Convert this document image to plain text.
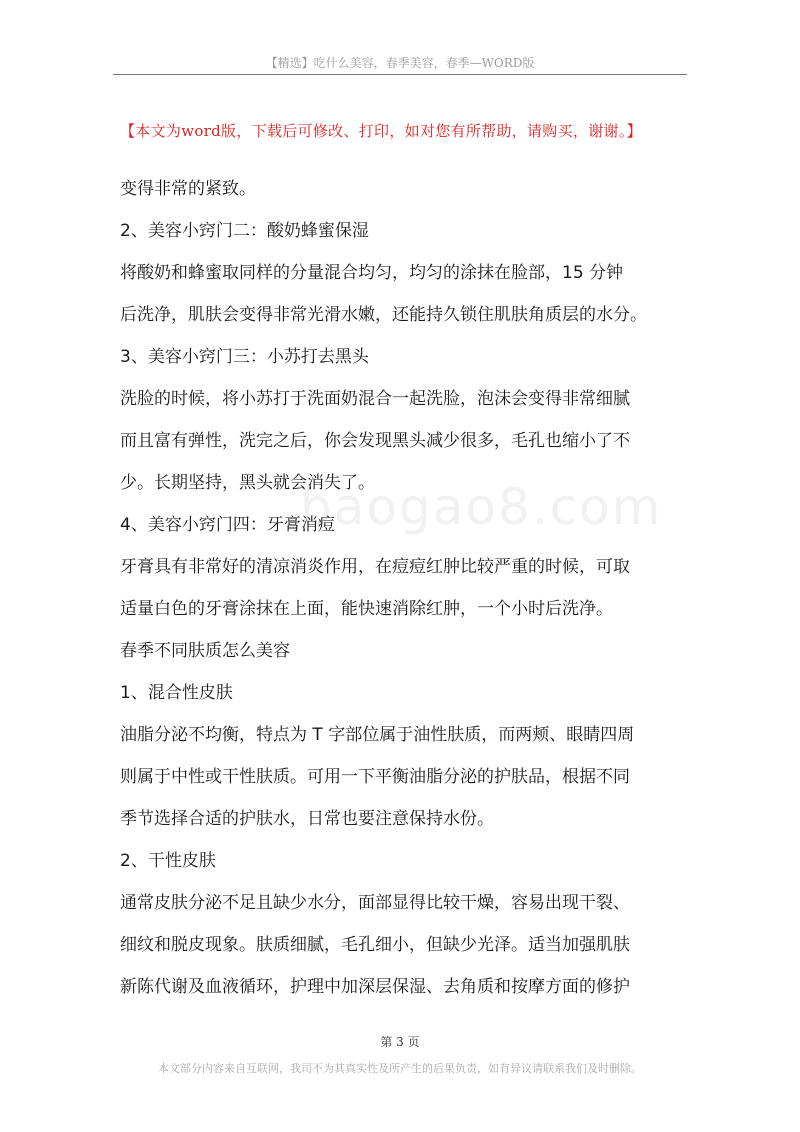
【精选】吃什么美容，春季美容，春季—WORD版
【本文为word版，下载后可修改、打印，如对您有所帮助，请购买，谢谢。】
baogao8.com

变得非常的紧致。

2、美容小窍门二：酸奶蜂蜜保湿

将酸奶和蜂蜜取同样的分量混合均匀，均匀的涂抹在脸部，15 分钟

后洗净，肌肤会变得非常光滑水嫩，还能持久锁住肌肤角质层的水分。

3、美容小窍门三：小苏打去黑头

洗脸的时候，将小苏打于洗面奶混合一起洗脸，泡沫会变得非常细腻

而且富有弹性，洗完之后，你会发现黑头减少很多，毛孔也缩小了不

少。长期坚持，黑头就会消失了。

4、美容小窍门四：牙膏消痘

牙膏具有非常好的清凉消炎作用，在痘痘红肿比较严重的时候，可取

适量白色的牙膏涂抹在上面，能快速消除红肿，一个小时后洗净。

春季不同肤质怎么美容

1、混合性皮肤

油脂分泌不均衡，特点为 T 字部位属于油性肤质，而两颊、眼睛四周

则属于中性或干性肤质。可用一下平衡油脂分泌的护肤品，根据不同

季节选择合适的护肤水，日常也要注意保持水份。

2、干性皮肤

通常皮肤分泌不足且缺少水分，面部显得比较干燥，容易出现干裂、

细纹和脱皮现象。肤质细腻，毛孔细小，但缺少光泽。适当加强肌肤

新陈代谢及血液循环，护理中加深层保湿、去角质和按摩方面的修护

第 3 页
本文部分内容来自互联网，我司不为其真实性及所产生的后果负责，如有异议请联系我们及时删除。
